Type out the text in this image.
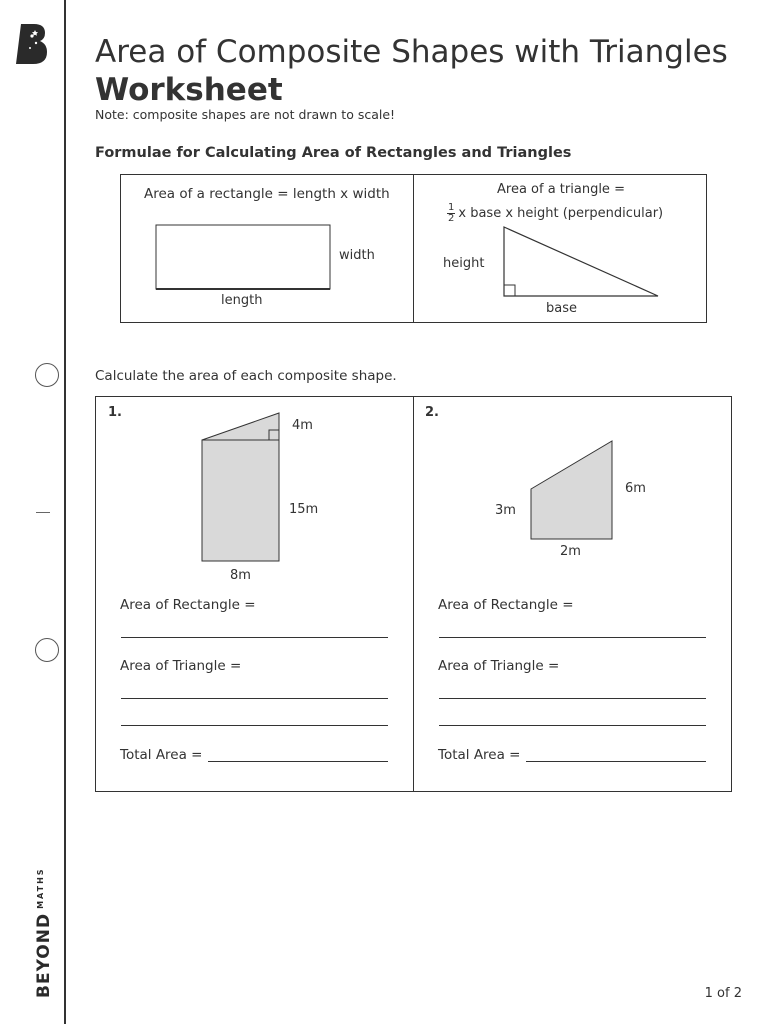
$BEYOND^{MATHS}$
Area of Composite Shapes with Triangles
Worksheet
Note: composite shapes are not drawn to scale!
Formulae for Calculating Area of Rectangles and Triangles
Area of a rectangle = length x width
width
length
Area of a triangle =
$\frac{1}{2}$ x base x height (perpendicular)
height
base
Calculate the area of each composite shape.
1.
4m
15m
8m
Area of Rectangle =
Area of Triangle =
Total Area =
2.
6m
3m
2m
Area of Rectangle =
Area of Triangle =
Total Area =
1 of 2
